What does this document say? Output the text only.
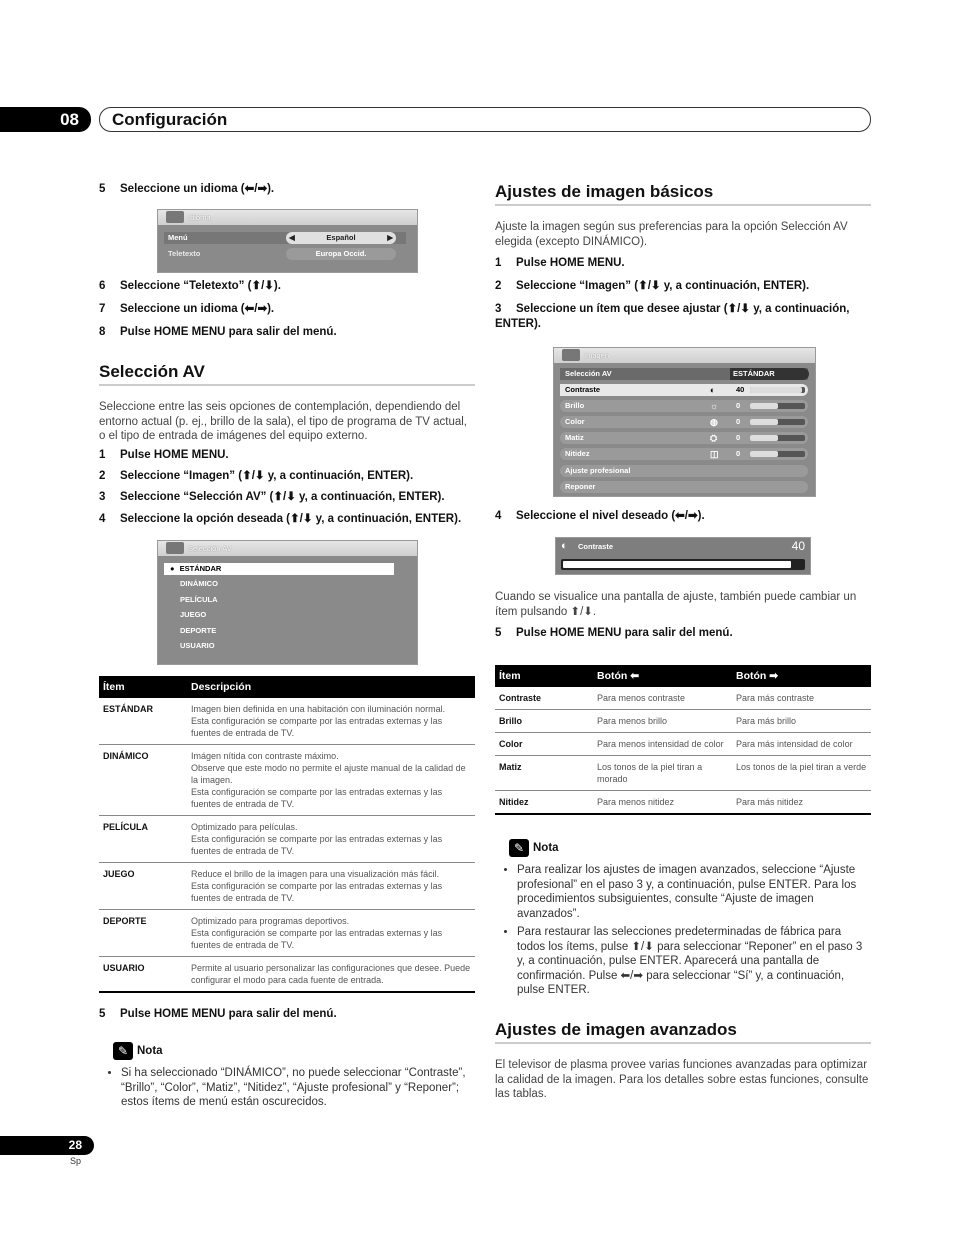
08	Configuración
5 Seleccione un idioma (⬅/➡).
Idioma
Menú	◀	Español	▶
Teletexto	Europa Occid.
6 Seleccione “Teletexto” (⬆/⬇).
7 Seleccione un idioma (⬅/➡).
8 Pulse HOME MENU para salir del menú.
Selección AV
Seleccione entre las seis opciones de contemplación, dependiendo del entorno actual (p. ej., brillo de la sala), el tipo de programa de TV actual, o el tipo de entrada de imágenes del equipo externo.
1 Pulse HOME MENU.
2 Seleccione “Imagen” (⬆/⬇ y, a continuación, ENTER).
3 Seleccione “Selección AV” (⬆/⬇ y, a continuación, ENTER).
4 Seleccione la opción deseada (⬆/⬇ y, a continuación, ENTER).
Selección AV
● ESTÁNDAR
DINÁMICO
PELÍCULA
JUEGO
DEPORTE
USUARIO
Ítem	Descripción
ESTÁNDAR	Imagen bien definida en una habitación con iluminación normal.
Esta configuración se comparte por las entradas externas y las fuentes de entrada de TV.

DINÁMICO	Imágen nítida con contraste máximo.
Observe que este modo no permite el ajuste manual de la calidad de la imagen.
Esta configuración se comparte por las entradas externas y las fuentes de entrada de TV.

PELÍCULA	Optimizado para películas.
Esta configuración se comparte por las entradas externas y las fuentes de entrada de TV.

JUEGO	Reduce el brillo de la imagen para una visualización más fácil.
Esta configuración se comparte por las entradas externas y las fuentes de entrada de TV.

DEPORTE	Optimizado para programas deportivos.
Esta configuración se comparte por las entradas externas y las fuentes de entrada de TV.

USUARIO	Permite al usuario personalizar las configuraciones que desee. Puede configurar el modo para cada fuente de entrada.
5 Pulse HOME MENU para salir del menú.
✎ Nota
• Si ha seleccionado “DINÁMICO”, no puede seleccionar “Contraste”, “Brillo”, “Color”, “Matiz”, “Nitidez”, “Ajuste profesional” y “Reponer”; estos ítems de menú están oscurecidos.
Ajustes de imagen básicos
Ajuste la imagen según sus preferencias para la opción Selección AV elegida (excepto DINÁMICO).
1 Pulse HOME MENU.
2 Seleccione “Imagen” (⬆/⬇ y, a continuación, ENTER).
3 Seleccione un ítem que desee ajustar (⬆/⬇ y, a continuación, ENTER).
Imagen
Selección AV	ESTÁNDAR
Contraste	◐	40
Brillo	☼ 0
Color	◍ 0
Matiz	⛭	0
Nitidez	◫ 0
Ajuste profesional
Reponer
4 Seleccione el nivel deseado (⬅/➡).
◐ Contraste	40
Cuando se visualice una pantalla de ajuste, también puede cambiar un ítem pulsando ⬆/⬇.
5 Pulse HOME MENU para salir del menú.
Ítem	Botón ⬅	Botón ➡
Contraste	Para menos contraste	Para más contraste
Brillo	Para menos brillo	Para más brillo
Color	Para menos intensidad de color	Para más intensidad de color
Matiz	Los tonos de la piel tiran a morado	Los tonos de la piel tiran a verde
Nitidez	Para menos nitidez	Para más nitidez
✎ Nota
• Para realizar los ajustes de imagen avanzados, seleccione “Ajuste profesional” en el paso 3 y, a continuación, pulse ENTER. Para los procedimientos subsiguientes, consulte “Ajuste de imagen avanzados”.
• Para restaurar las selecciones predeterminadas de fábrica para todos los ítems, pulse ⬆/⬇ para seleccionar “Reponer” en el paso 3 y, a continuación, pulse ENTER. Aparecerá una pantalla de confirmación. Pulse ⬅/➡ para seleccionar “Sí” y, a continuación, pulse ENTER.
Ajustes de imagen avanzados
El televisor de plasma provee varias funciones avanzadas para optimizar la calidad de la imagen. Para los detalles sobre estas funciones, consulte las tablas.
28
Sp
